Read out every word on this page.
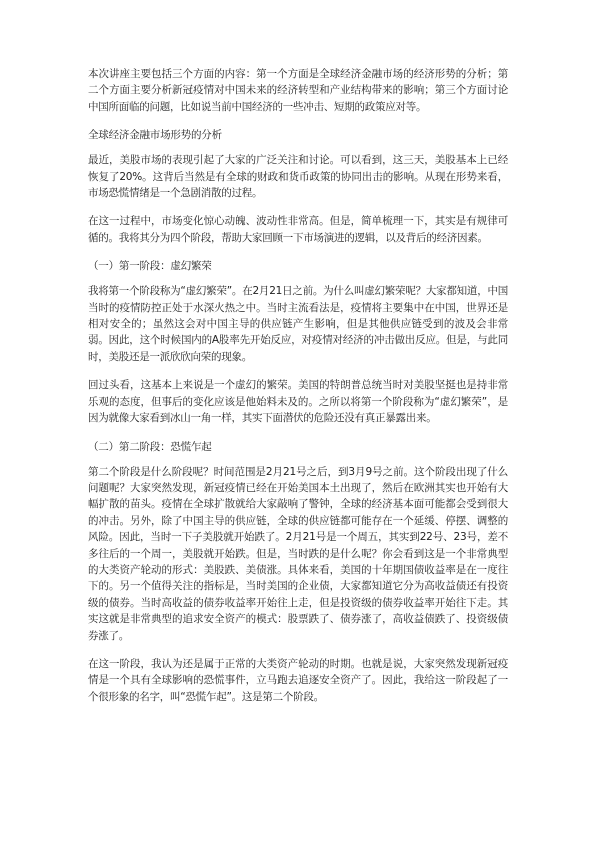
本次讲座主要包括三个方面的内容：第一个方面是全球经济金融市场的经济形势的分析；第二个方面主要分析新冠疫情对中国未来的经济转型和产业结构带来的影响；第三个方面讨论中国所面临的问题，比如说当前中国经济的一些冲击、短期的政策应对等。

全球经济金融市场形势的分析

最近，美股市场的表现引起了大家的广泛关注和讨论。可以看到，这三天，美股基本上已经恢复了20%。这背后当然是有全球的财政和货币政策的协同出击的影响。从现在形势来看，市场恐慌情绪是一个急剧消散的过程。

在这一过程中，市场变化惊心动魄、波动性非常高。但是，简单梳理一下，其实是有规律可循的。我将其分为四个阶段，帮助大家回顾一下市场演进的逻辑，以及背后的经济因素。

（一）第一阶段：虚幻繁荣

我将第一个阶段称为“虚幻繁荣”。在2月21日之前。为什么叫虚幻繁荣呢？大家都知道，中国当时的疫情防控正处于水深火热之中。当时主流看法是，疫情将主要集中在中国，世界还是相对安全的；虽然这会对中国主导的供应链产生影响，但是其他供应链受到的波及会非常弱。因此，这个时候国内的A股率先开始反应，对疫情对经济的冲击做出反应。但是，与此同时，美股还是一派欣欣向荣的现象。

回过头看，这基本上来说是一个虚幻的繁荣。美国的特朗普总统当时对美股坚挺也是持非常乐观的态度，但事后的变化应该是他始料未及的。之所以将第一个阶段称为“虚幻繁荣”，是因为就像大家看到冰山一角一样，其实下面潜伏的危险还没有真正暴露出来。

（二）第二阶段：恐慌乍起

第二个阶段是什么阶段呢？时间范围是2月21号之后，到3月9号之前。这个阶段出现了什么问题呢？大家突然发现，新冠疫情已经在开始美国本土出现了，然后在欧洲其实也开始有大幅扩散的苗头。疫情在全球扩散就给大家敲响了警钟，全球的经济基本面可能都会受到很大的冲击。另外，除了中国主导的供应链，全球的供应链都可能存在一个延缓、停摆、调整的风险。因此，当时一下子美股就开始跌了。2月21号是一个周五，其实到22号、23号，差不多往后的一个周一，美股就开始跌。但是，当时跌的是什么呢？你会看到这是一个非常典型的大类资产轮动的形式：美股跌、美债涨。具体来看，美国的十年期国债收益率是在一度往下的。另一个值得关注的指标是，当时美国的企业债，大家都知道它分为高收益债还有投资级的债券。当时高收益的债券收益率开始往上走，但是投资级的债券收益率开始往下走。其实这就是非常典型的追求安全资产的模式：股票跌了、债券涨了，高收益债跌了、投资级债券涨了。

在这一阶段，我认为还是属于正常的大类资产轮动的时期。也就是说，大家突然发现新冠疫情是一个具有全球影响的恐慌事件，立马跑去追逐安全资产了。因此，我给这一阶段起了一个很形象的名字，叫“恐慌乍起”。这是第二个阶段。
